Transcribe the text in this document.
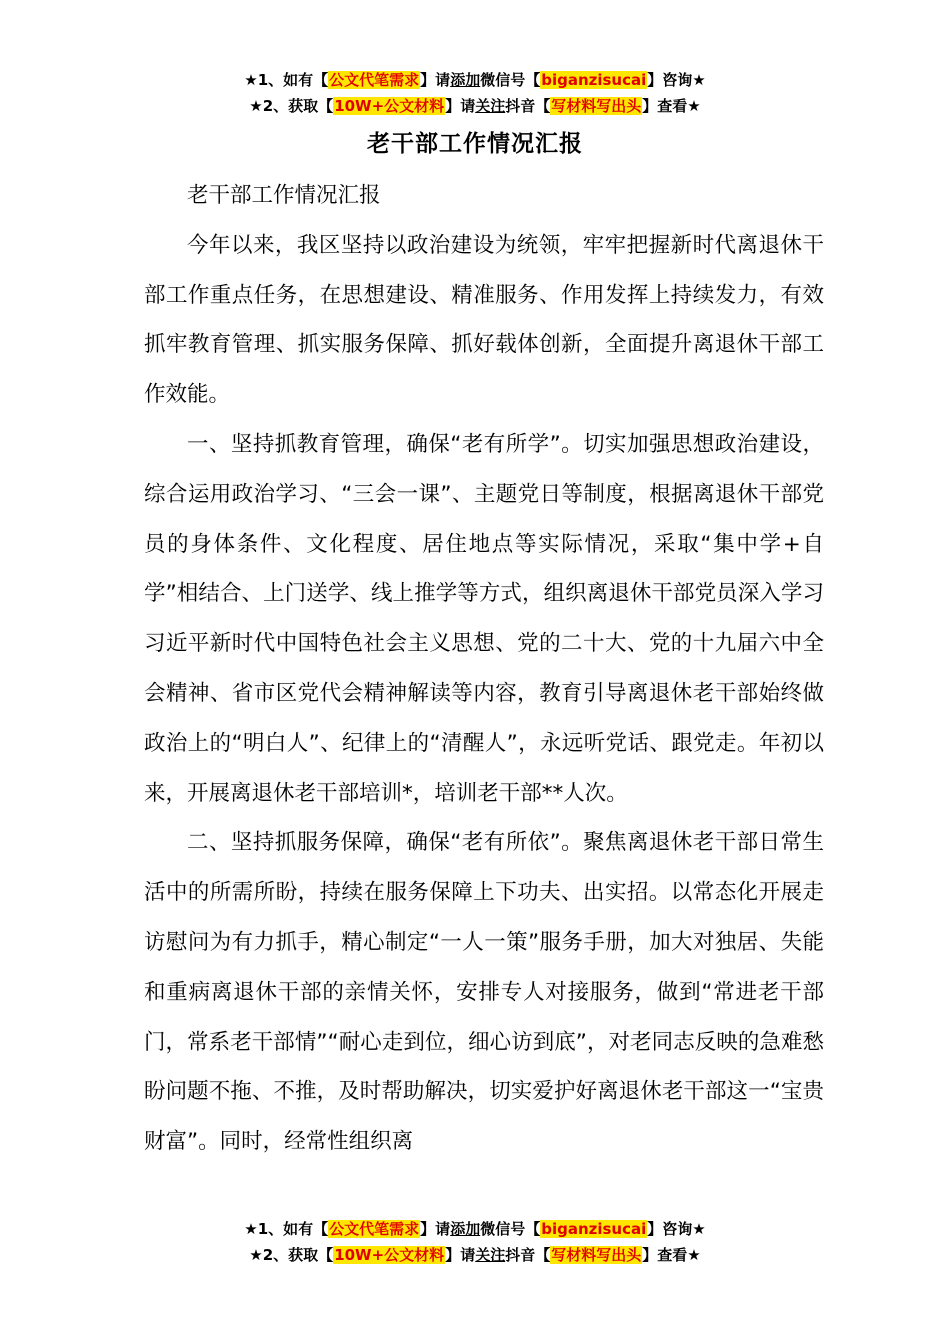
★1、如有【公文代笔需求】请添加微信号【biganzisucai】咨询★
★2、获取【10W+公文材料】请关注抖音【写材料写出头】查看★
老干部工作情况汇报

老干部工作情况汇报

今年以来，我区坚持以政治建设为统领，牢牢把握新时代离退休干部工作重点任务，在思想建设、精准服务、作用发挥上持续发力，有效抓牢教育管理、抓实服务保障、抓好载体创新，全面提升离退休干部工作效能。

一、坚持抓教育管理，确保“老有所学”。切实加强思想政治建设，综合运用政治学习、“三会一课”、主题党日等制度，根据离退休干部党员的身体条件、文化程度、居住地点等实际情况，采取“集中学+自学”相结合、上门送学、线上推学等方式，组织离退休干部党员深入学习习近平新时代中国特色社会主义思想、党的二十大、党的十九届六中全会精神、省市区党代会精神解读等内容，教育引导离退休老干部始终做政治上的“明白人”、纪律上的“清醒人”，永远听党话、跟党走。年初以来，开展离退休老干部培训*，培训老干部**人次。

二、坚持抓服务保障，确保“老有所依”。聚焦离退休老干部日常生活中的所需所盼，持续在服务保障上下功夫、出实招。以常态化开展走访慰问为有力抓手，精心制定“一人一策”服务手册，加大对独居、失能和重病离退休干部的亲情关怀，安排专人对接服务，做到“常进老干部门，常系老干部情”“耐心走到位，细心访到底”，对老同志反映的急难愁盼问题不拖、不推，及时帮助解决，切实爱护好离退休老干部这一“宝贵财富”。同时，经常性组织离

★1、如有【公文代笔需求】请添加微信号【biganzisucai】咨询★
★2、获取【10W+公文材料】请关注抖音【写材料写出头】查看★
